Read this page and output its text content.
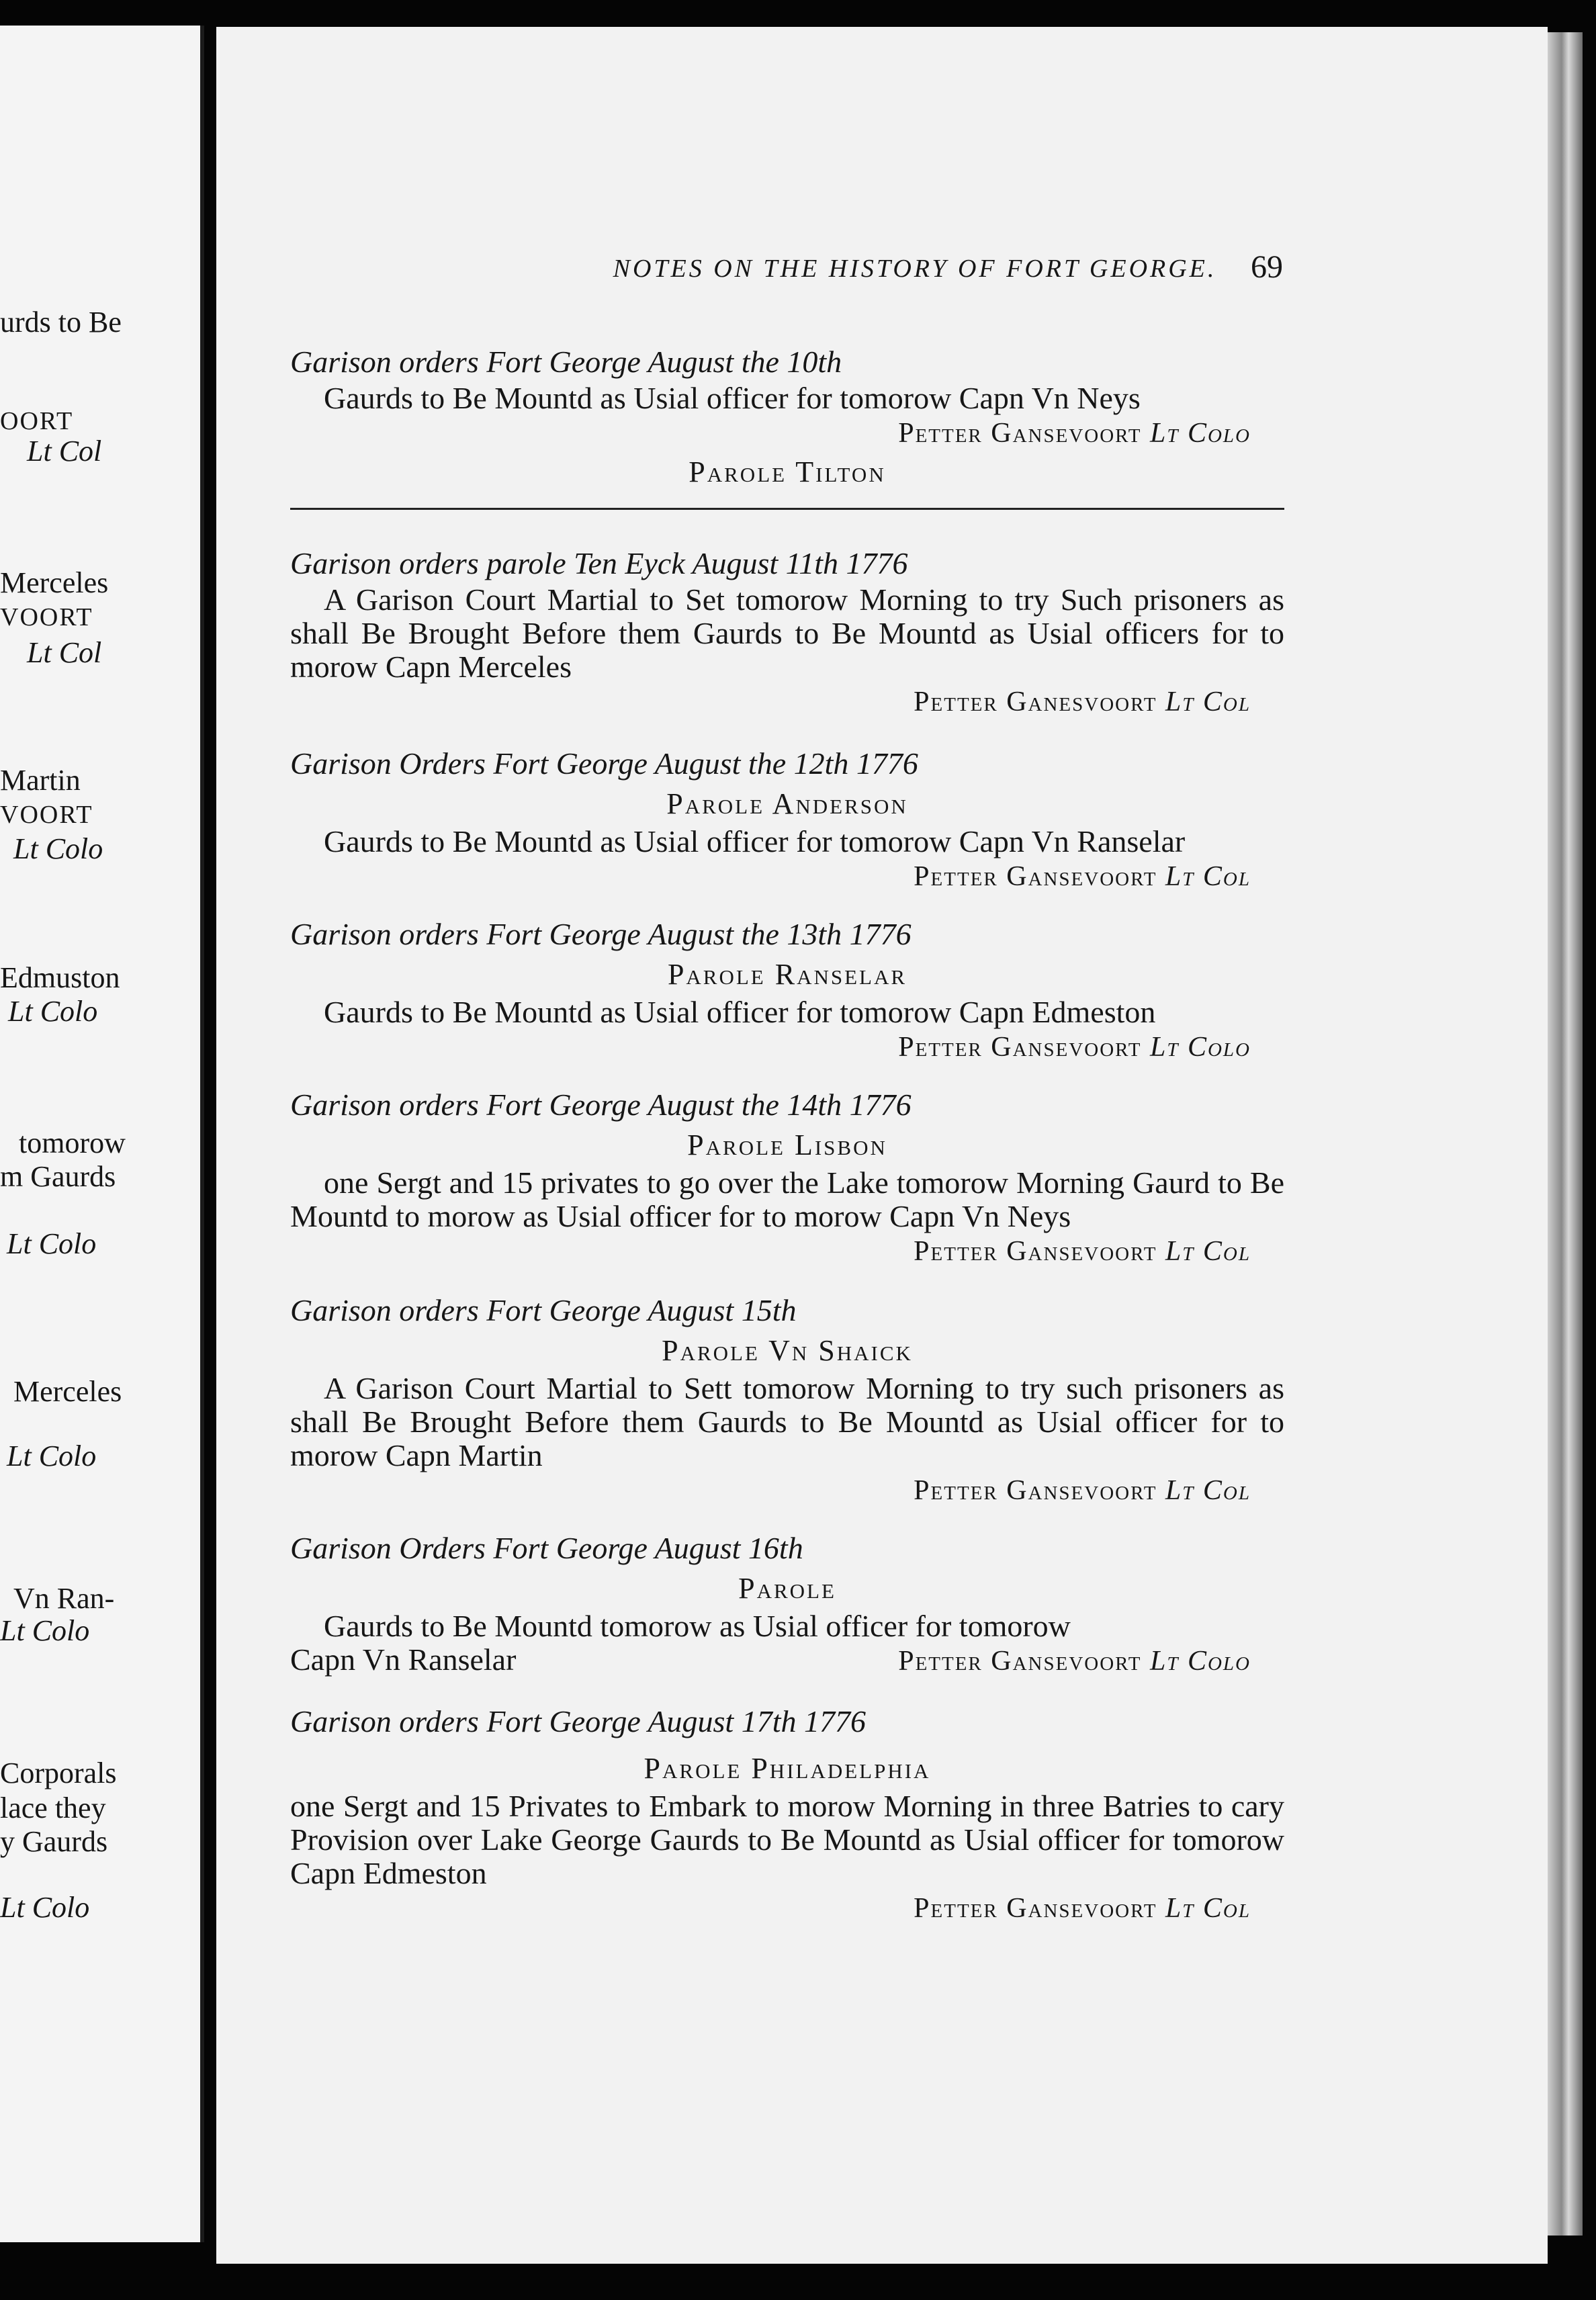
urds to Be
OORT
Lt Col
Merceles
VOORT
Lt Col
Martin
VOORT
Lt Colo
Edmuston
Lt Colo
tomorow
m Gaurds
Lt Colo
Merceles
Lt Colo
Vn Ran-
Lt Colo
Corporals
lace they
y Gaurds
Lt Colo
NOTES ON THE HISTORY OF FORT GEORGE.	69
Garison orders Fort George August the 10th
Gaurds to Be Mountd as Usial officer for tomorow Capn Vn Neys
Petter Gansevoort Lt Colo
Parole Tilton
Garison orders parole Ten Eyck August 11th 1776
A Garison Court Martial to Set tomorow Morning to try Such prisoners as shall Be Brought Before them Gaurds to Be Mountd as Usial officers for to morow Capn Merceles
Petter Ganesvoort Lt Col
Garison Orders Fort George August the 12th 1776
Parole Anderson
Gaurds to Be Mountd as Usial officer for tomorow Capn Vn Ranselar
Petter Gansevoort Lt Col
Garison orders Fort George August the 13th 1776
Parole Ranselar
Gaurds to Be Mountd as Usial officer for tomorow Capn Edmeston
Petter Gansevoort Lt Colo
Garison orders Fort George August the 14th 1776
Parole Lisbon
one Sergt and 15 privates to go over the Lake tomorow Morning Gaurd to Be Mountd to morow as Usial officer for to morow Capn Vn Neys
Petter Gansevoort Lt Col
Garison orders Fort George August 15th
Parole Vn Shaick
A Garison Court Martial to Sett tomorow Morning to try such prisoners as shall Be Brought Before them Gaurds to Be Mountd as Usial officer for to morow Capn Martin
Petter Gansevoort Lt Col
Garison Orders Fort George August 16th
Parole
Gaurds to Be Mountd tomorow as Usial officer for tomorow
Capn Vn Ranselar	Petter Gansevoort Lt Colo
Garison orders Fort George August 17th 1776
Parole Philadelphia
one Sergt and 15 Privates to Embark to morow Morning in three Batries to cary Provision over Lake George Gaurds to Be Mountd as Usial officer for tomorow Capn Edmeston
Petter Gansevoort Lt Col
